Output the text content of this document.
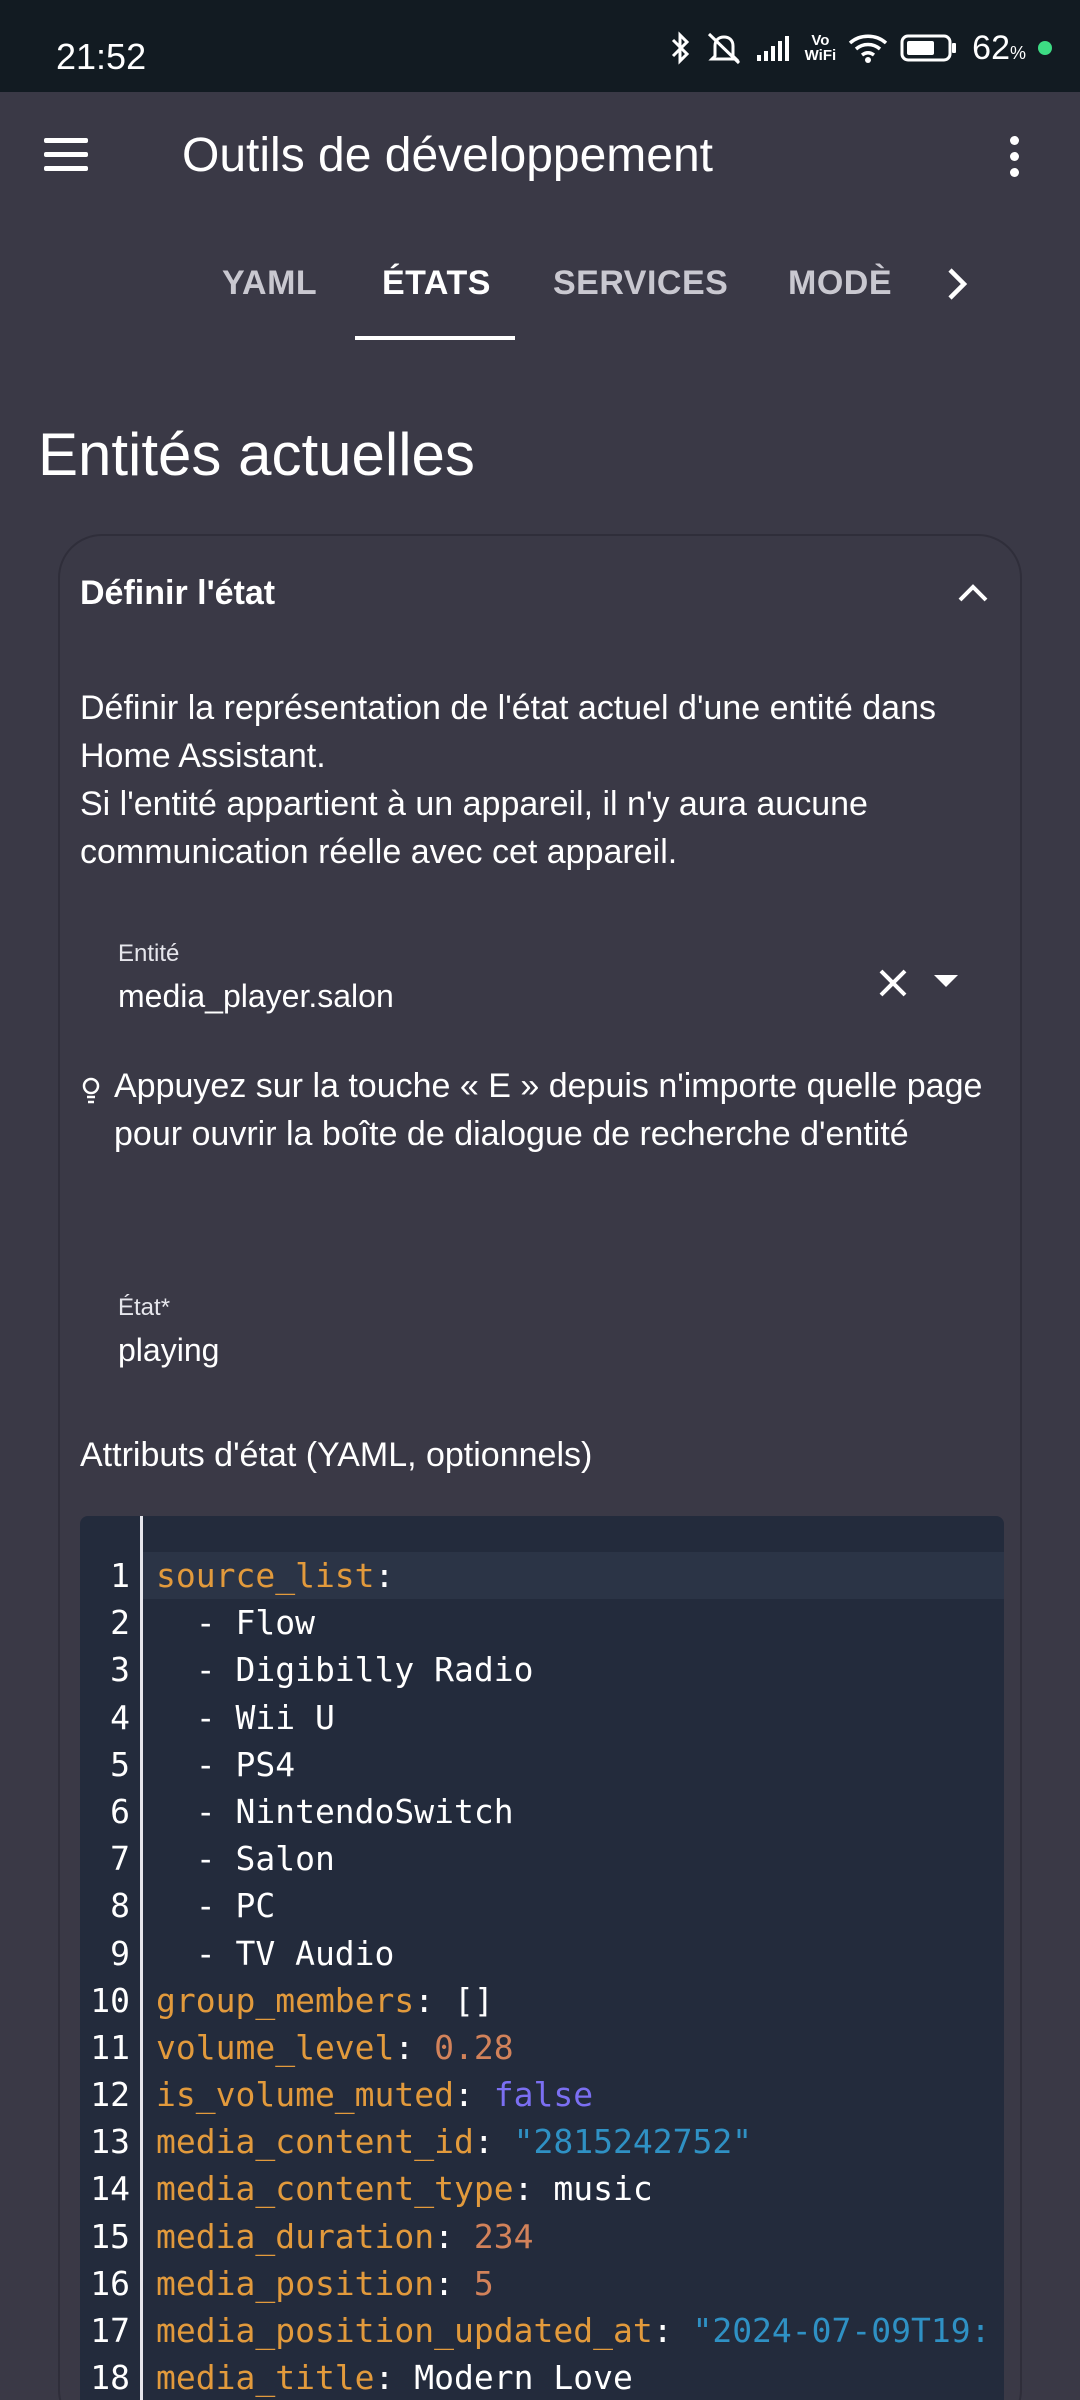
21:52	Vo
WiFi	62%
Outils de développement
YAML ÉTATS SERVICES MODÈ
Entités actuelles
Définir l'état

Définir la représentation de l'état actuel d'une entité dans Home Assistant.

Si l'entité appartient à un appareil, il n'y aura aucune communication réelle avec cet appareil.

Entité
media_player.salon
Appuyez sur la touche « E » depuis n'importe quelle page pour ouvrir la boîte de dialogue de recherche d'entité
État*
playing
Attributs d'état (YAML, optionnels)
1 source_list:
2 - Flow
3 - Digibilly Radio
4 - Wii U
5 - PS4
6 - NintendoSwitch
7 - Salon
8 - PC
9 - TV Audio
10 group_members: []
11 volume_level: 0.28
12 is_volume_muted: false
13 media_content_id: "2815242752"
14 media_content_type: music
15 media_duration: 234
16 media_position: 5
17 media_position_updated_at: "2024-07-09T19:
18 media_title: Modern Love
